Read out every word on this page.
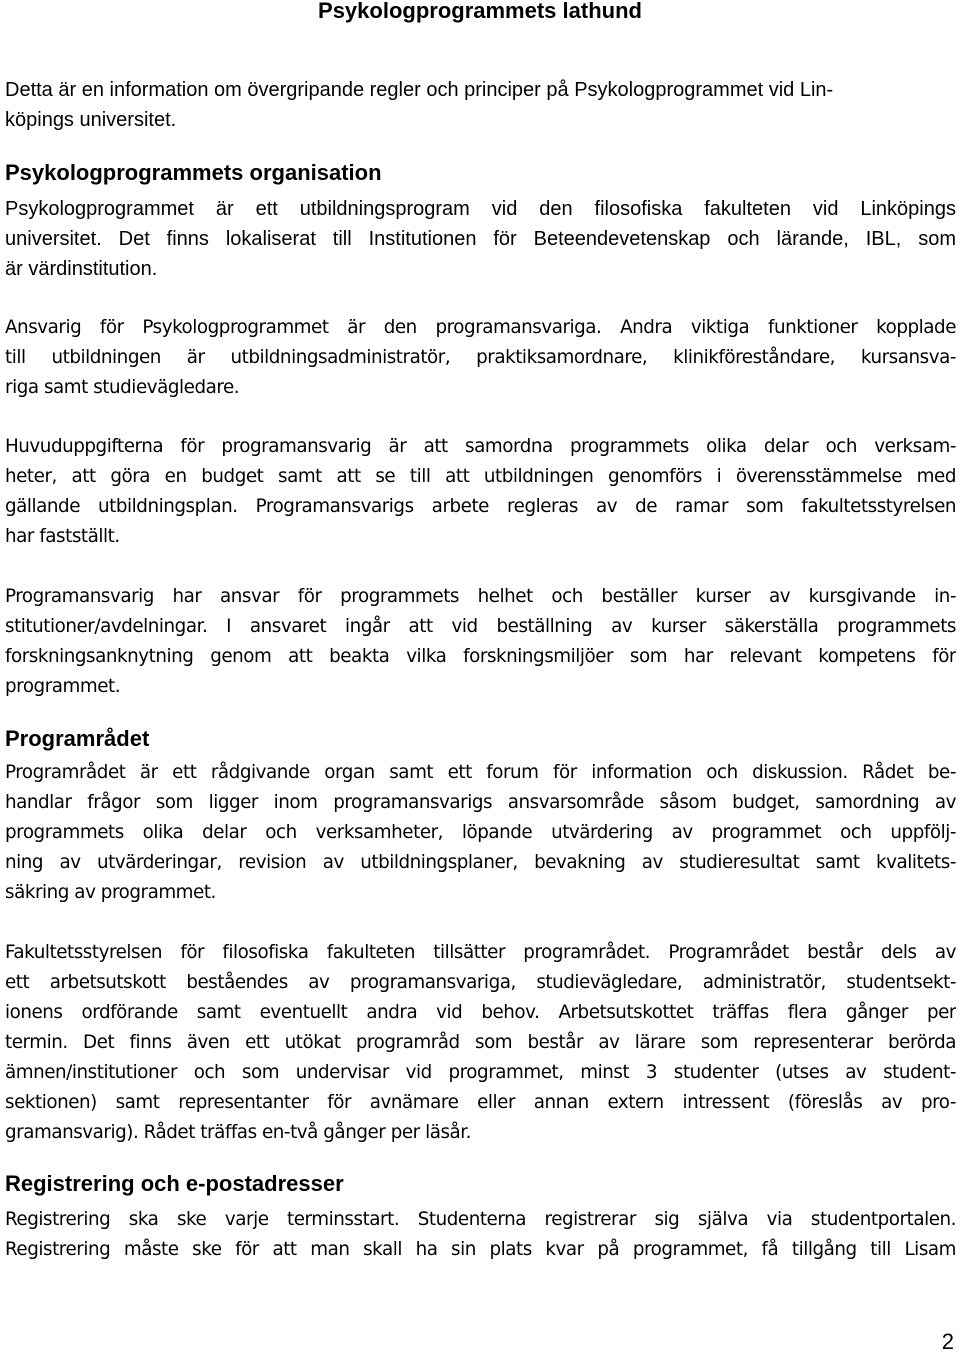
Psykologprogrammets lathund
Detta är en information om övergripande regler och principer på Psykologprogrammet vid Lin-
köpings universitet.
Psykologprogrammets organisation
Psykologprogrammet är ett utbildningsprogram vid den filosofiska fakulteten vid Linköpings
universitet. Det finns lokaliserat till Institutionen för Beteendevetenskap och lärande, IBL, som
är värdinstitution.
Ansvarig för Psykologprogrammet är den programansvariga. Andra viktiga funktioner kopplade
till utbildningen är utbildningsadministratör, praktiksamordnare, klinikföreståndare, kursansva-
riga samt studievägledare.
Huvuduppgifterna för programansvarig är att samordna programmets olika delar och verksam-
heter, att göra en budget samt att se till att utbildningen genomförs i överensstämmelse med
gällande utbildningsplan. Programansvarigs arbete regleras av de ramar som fakultetsstyrelsen
har fastställt.
Programansvarig har ansvar för programmets helhet och beställer kurser av kursgivande in-
stitutioner/avdelningar. I ansvaret ingår att vid beställning av kurser säkerställa programmets
forskningsanknytning genom att beakta vilka forskningsmiljöer som har relevant kompetens för
programmet.
Programrådet
Programrådet är ett rådgivande organ samt ett forum för information och diskussion. Rådet be-
handlar frågor som ligger inom programansvarigs ansvarsområde såsom budget, samordning av
programmets olika delar och verksamheter, löpande utvärdering av programmet och uppfölj-
ning av utvärderingar, revision av utbildningsplaner, bevakning av studieresultat samt kvalitets-
säkring av programmet.
Fakultetsstyrelsen för filosofiska fakulteten tillsätter programrådet. Programrådet består dels av
ett arbetsutskott beståendes av programansvariga, studievägledare, administratör, studentsekt-
ionens ordförande samt eventuellt andra vid behov. Arbetsutskottet träffas flera gånger per
termin. Det finns även ett utökat programråd som består av lärare som representerar berörda
ämnen/institutioner och som undervisar vid programmet, minst 3 studenter (utses av student-
sektionen) samt representanter för avnämare eller annan extern intressent (föreslås av pro-
gramansvarig). Rådet träffas en-två gånger per läsår.
Registrering och e-postadresser
Registrering ska ske varje terminsstart. Studenterna registrerar sig själva via studentportalen.
Registrering måste ske för att man skall ha sin plats kvar på programmet, få tillgång till Lisam
2
